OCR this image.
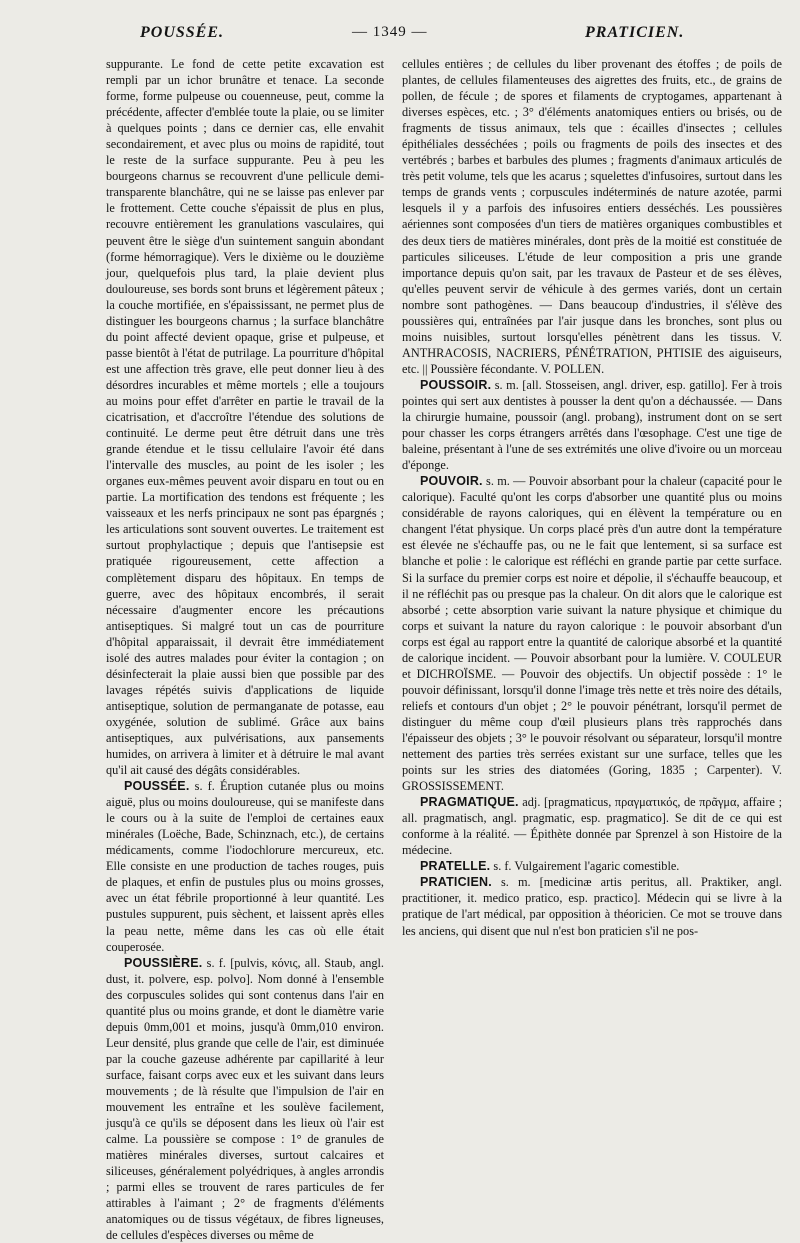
POUSSÉE.	— 1349 —	PRATICIEN.

suppurante. Le fond de cette petite excavation est rempli par un ichor brunâtre et tenace. La seconde forme, forme pulpeuse ou couenneuse, peut, comme la précédente, affecter d'emblée toute la plaie, ou se limiter à quelques points ; dans ce dernier cas, elle envahit secondairement, et avec plus ou moins de rapidité, tout le reste de la surface suppurante. Peu à peu les bourgeons charnus se recouvrent d'une pellicule demi-transparente blanchâtre, qui ne se laisse pas enlever par le frottement. Cette couche s'épaissit de plus en plus, recouvre entièrement les granulations vasculaires, qui peuvent être le siège d'un suintement sanguin abondant (forme hémorragique). Vers le dixième ou le douzième jour, quelquefois plus tard, la plaie devient plus douloureuse, ses bords sont bruns et légèrement pâteux ; la couche mortifiée, en s'épaississant, ne permet plus de distinguer les bourgeons charnus ; la surface blanchâtre du point affecté devient opaque, grise et pulpeuse, et passe bientôt à l'état de putrilage. La pourriture d'hôpital est une affection très grave, elle peut donner lieu à des désordres incurables et même mortels ; elle a toujours au moins pour effet d'arrêter en partie le travail de la cicatrisation, et d'accroître l'étendue des solutions de continuité. Le derme peut être détruit dans une très grande étendue et le tissu cellulaire l'avoir été dans l'intervalle des muscles, au point de les isoler ; les organes eux-mêmes peuvent avoir disparu en tout ou en partie. La mortification des tendons est fréquente ; les vaisseaux et les nerfs principaux ne sont pas épargnés ; les articulations sont souvent ouvertes. Le traitement est surtout prophylactique ; depuis que l'antisepsie est pratiquée rigoureusement, cette affection a complètement disparu des hôpitaux. En temps de guerre, avec des hôpitaux encombrés, il serait nécessaire d'augmenter encore les précautions antiseptiques. Si malgré tout un cas de pourriture d'hôpital apparaissait, il devrait être immédiatement isolé des autres malades pour éviter la contagion ; on désinfecterait la plaie aussi bien que possible par des lavages répétés suivis d'applications de liquide antiseptique, solution de permanganate de potasse, eau oxygénée, solution de sublimé. Grâce aux bains antiseptiques, aux pulvérisations, aux pansements humides, on arrivera à limiter et à détruire le mal avant qu'il ait causé des dégâts considérables.

POUSSÉE. s. f. Éruption cutanée plus ou moins aiguë, plus ou moins douloureuse, qui se manifeste dans le cours ou à la suite de l'emploi de certaines eaux minérales (Loëche, Bade, Schinznach, etc.), de certains médicaments, comme l'iodochlorure mercureux, etc. Elle consiste en une production de taches rouges, puis de plaques, et enfin de pustules plus ou moins grosses, avec un état fébrile proportionné à leur quantité. Les pustules suppurent, puis sèchent, et laissent après elles la peau nette, même dans les cas où elle était couperosée.

POUSSIÈRE. s. f. [pulvis, κόνις, all. Staub, angl. dust, it. polvere, esp. polvo]. Nom donné à l'ensemble des corpuscules solides qui sont contenus dans l'air en quantité plus ou moins grande, et dont le diamètre varie depuis 0mm,001 et moins, jusqu'à 0mm,010 environ. Leur densité, plus grande que celle de l'air, est diminuée par la couche gazeuse adhérente par capillarité à leur surface, faisant corps avec eux et les suivant dans leurs mouvements ; de là résulte que l'impulsion de l'air en mouvement les entraîne et les soulève facilement, jusqu'à ce qu'ils se déposent dans les lieux où l'air est calme. La poussière se compose : 1° de granules de matières minérales diverses, surtout calcaires et siliceuses, généralement polyédriques, à angles arrondis ; parmi elles se trouvent de rares particules de fer attirables à l'aimant ; 2° de fragments d'éléments anatomiques ou de tissus végétaux, de fibres ligneuses, de cellules d'espèces diverses ou même de

cellules entières ; de cellules du liber provenant des étoffes ; de poils de plantes, de cellules filamenteuses des aigrettes des fruits, etc., de grains de pollen, de fécule ; de spores et filaments de cryptogames, appartenant à diverses espèces, etc. ; 3° d'éléments anatomiques entiers ou brisés, ou de fragments de tissus animaux, tels que : écailles d'insectes ; cellules épithéliales desséchées ; poils ou fragments de poils des insectes et des vertébrés ; barbes et barbules des plumes ; fragments d'animaux articulés de très petit volume, tels que les acarus ; squelettes d'infusoires, surtout dans les temps de grands vents ; corpuscules indéterminés de nature azotée, parmi lesquels il y a parfois des infusoires entiers desséchés. Les poussières aériennes sont composées d'un tiers de matières organiques combustibles et des deux tiers de matières minérales, dont près de la moitié est constituée de particules siliceuses. L'étude de leur composition a pris une grande importance depuis qu'on sait, par les travaux de Pasteur et de ses élèves, qu'elles peuvent servir de véhicule à des germes variés, dont un certain nombre sont pathogènes. — Dans beaucoup d'industries, il s'élève des poussières qui, entraînées par l'air jusque dans les bronches, sont plus ou moins nuisibles, surtout lorsqu'elles pénètrent dans les tissus. V. ANTHRACOSIS, NACRIERS, PÉNÉTRATION, PHTISIE des aiguiseurs, etc. || Poussière fécondante. V. POLLEN.

POUSSOIR. s. m. [all. Stosseisen, angl. driver, esp. gatillo]. Fer à trois pointes qui sert aux dentistes à pousser la dent qu'on a déchaussée. — Dans la chirurgie humaine, poussoir (angl. probang), instrument dont on se sert pour chasser les corps étrangers arrêtés dans l'œsophage. C'est une tige de baleine, présentant à l'une de ses extrémités une olive d'ivoire ou un morceau d'éponge.

POUVOIR. s. m. — Pouvoir absorbant pour la chaleur (capacité pour le calorique). Faculté qu'ont les corps d'absorber une quantité plus ou moins considérable de rayons caloriques, qui en élèvent la température ou en changent l'état physique. Un corps placé près d'un autre dont la température est élevée ne s'échauffe pas, ou ne le fait que lentement, si sa surface est blanche et polie : le calorique est réfléchi en grande partie par cette surface. Si la surface du premier corps est noire et dépolie, il s'échauffe beaucoup, et il ne réfléchit pas ou presque pas la chaleur. On dit alors que le calorique est absorbé ; cette absorption varie suivant la nature physique et chimique du corps et suivant la nature du rayon calorique : le pouvoir absorbant d'un corps est égal au rapport entre la quantité de calorique absorbé et la quantité de calorique incident. — Pouvoir absorbant pour la lumière. V. COULEUR et DICHROÏSME. — Pouvoir des objectifs. Un objectif possède : 1° le pouvoir définissant, lorsqu'il donne l'image très nette et très noire des détails, reliefs et contours d'un objet ; 2° le pouvoir pénétrant, lorsqu'il permet de distinguer du même coup d'œil plusieurs plans très rapprochés dans l'épaisseur des objets ; 3° le pouvoir résolvant ou séparateur, lorsqu'il montre nettement des parties très serrées existant sur une surface, telles que les points sur les stries des diatomées (Goring, 1835 ; Carpenter). V. GROSSISSEMENT.

PRAGMATIQUE. adj. [pragmaticus, πραγματικός, de πρᾶγμα, affaire ; all. pragmatisch, angl. pragmatic, esp. pragmatico]. Se dit de ce qui est conforme à la réalité. — Épithète donnée par Sprenzel à son Histoire de la médecine.

PRATELLE. s. f. Vulgairement l'agaric comestible.

PRATICIEN. s. m. [medicinæ artis peritus, all. Praktiker, angl. practitioner, it. medico pratico, esp. practico]. Médecin qui se livre à la pratique de l'art médical, par opposition à théoricien. Ce mot se trouve dans les anciens, qui disent que nul n'est bon praticien s'il ne pos-
